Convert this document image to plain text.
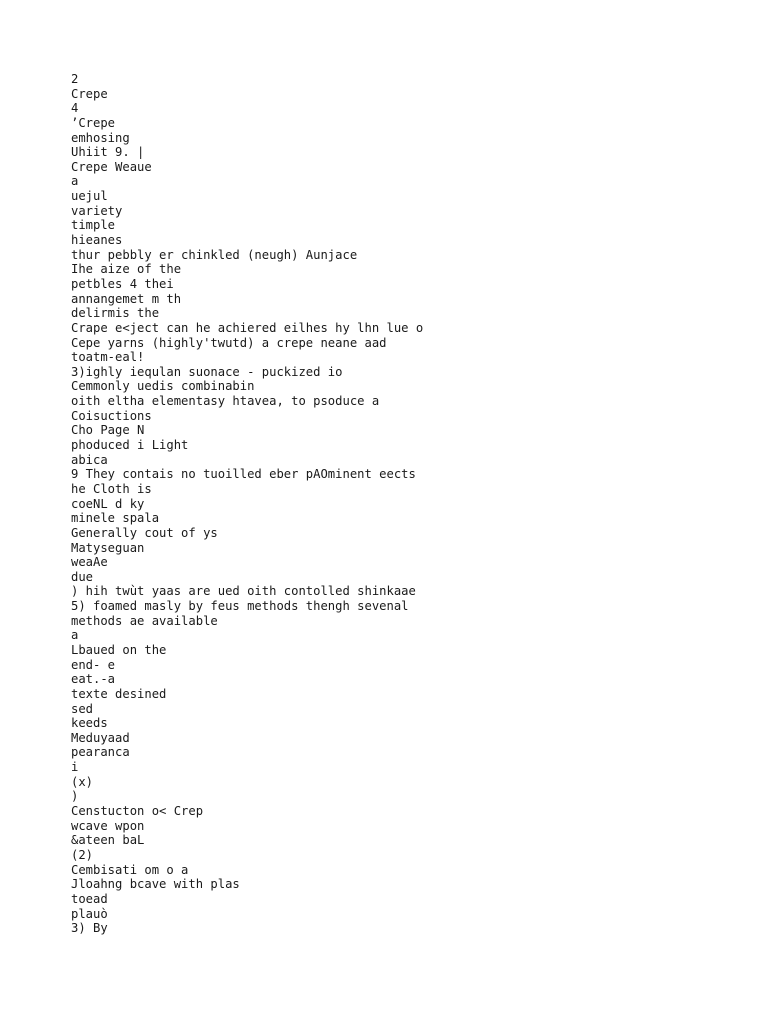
2
Crepe
4
’Crepe
emhosing
Uhiit 9. |
Crepe Weaue
a
uejul
variety
timple
hieanes
thur pebbly er chinkled (neugh) Aunjace
Ihe aize of the
petbles 4 thei
annangemet m th
delirmis the
Crape e<ject can he achiered eilhes hy lhn lue o
Cepe yarns (highly'twutd) a crepe neane aad
toatm-eal!
3)ighly iequlan suonace - puckized io
Cemmonly uedis combinabin
oith eltha elementasy htavea, to psoduce a
Coisuctions
Cho Page N
phoduced i Light
abica
9 They contais no tuoilled eber pAOminent eects
he Cloth is
coeNL d ky
minele spala
Generally cout of ys
Matyseguan
weaAe
due
) hih twùt yaas are ued oith contolled shinkaae
5) foamed masly by feus methods thengh sevenal
methods ae available
a
Lbaued on the
end- e
eat.-a
texte desined
sed
keeds
Meduyaad
pearanca
i
(x)
)
Censtucton o< Crep
wcave wpon
&ateen baL
(2)
Cembisati om o a
Jloahng bcave with plas
toead
plauò
3) By
